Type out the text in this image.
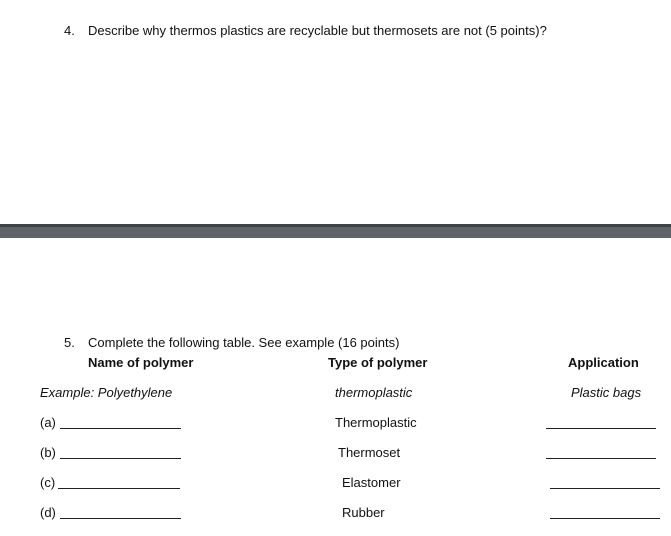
4. Describe why thermos plastics are recyclable but thermosets are not (5 points)?
5. Complete the following table. See example (16 points)
Name of polymer	Type of polymer	Application
Example: Polyethylene	thermoplastic	Plastic bags
(a)	Thermoplastic
(b)	Thermoset
(c)	Elastomer
(d)	Rubber
